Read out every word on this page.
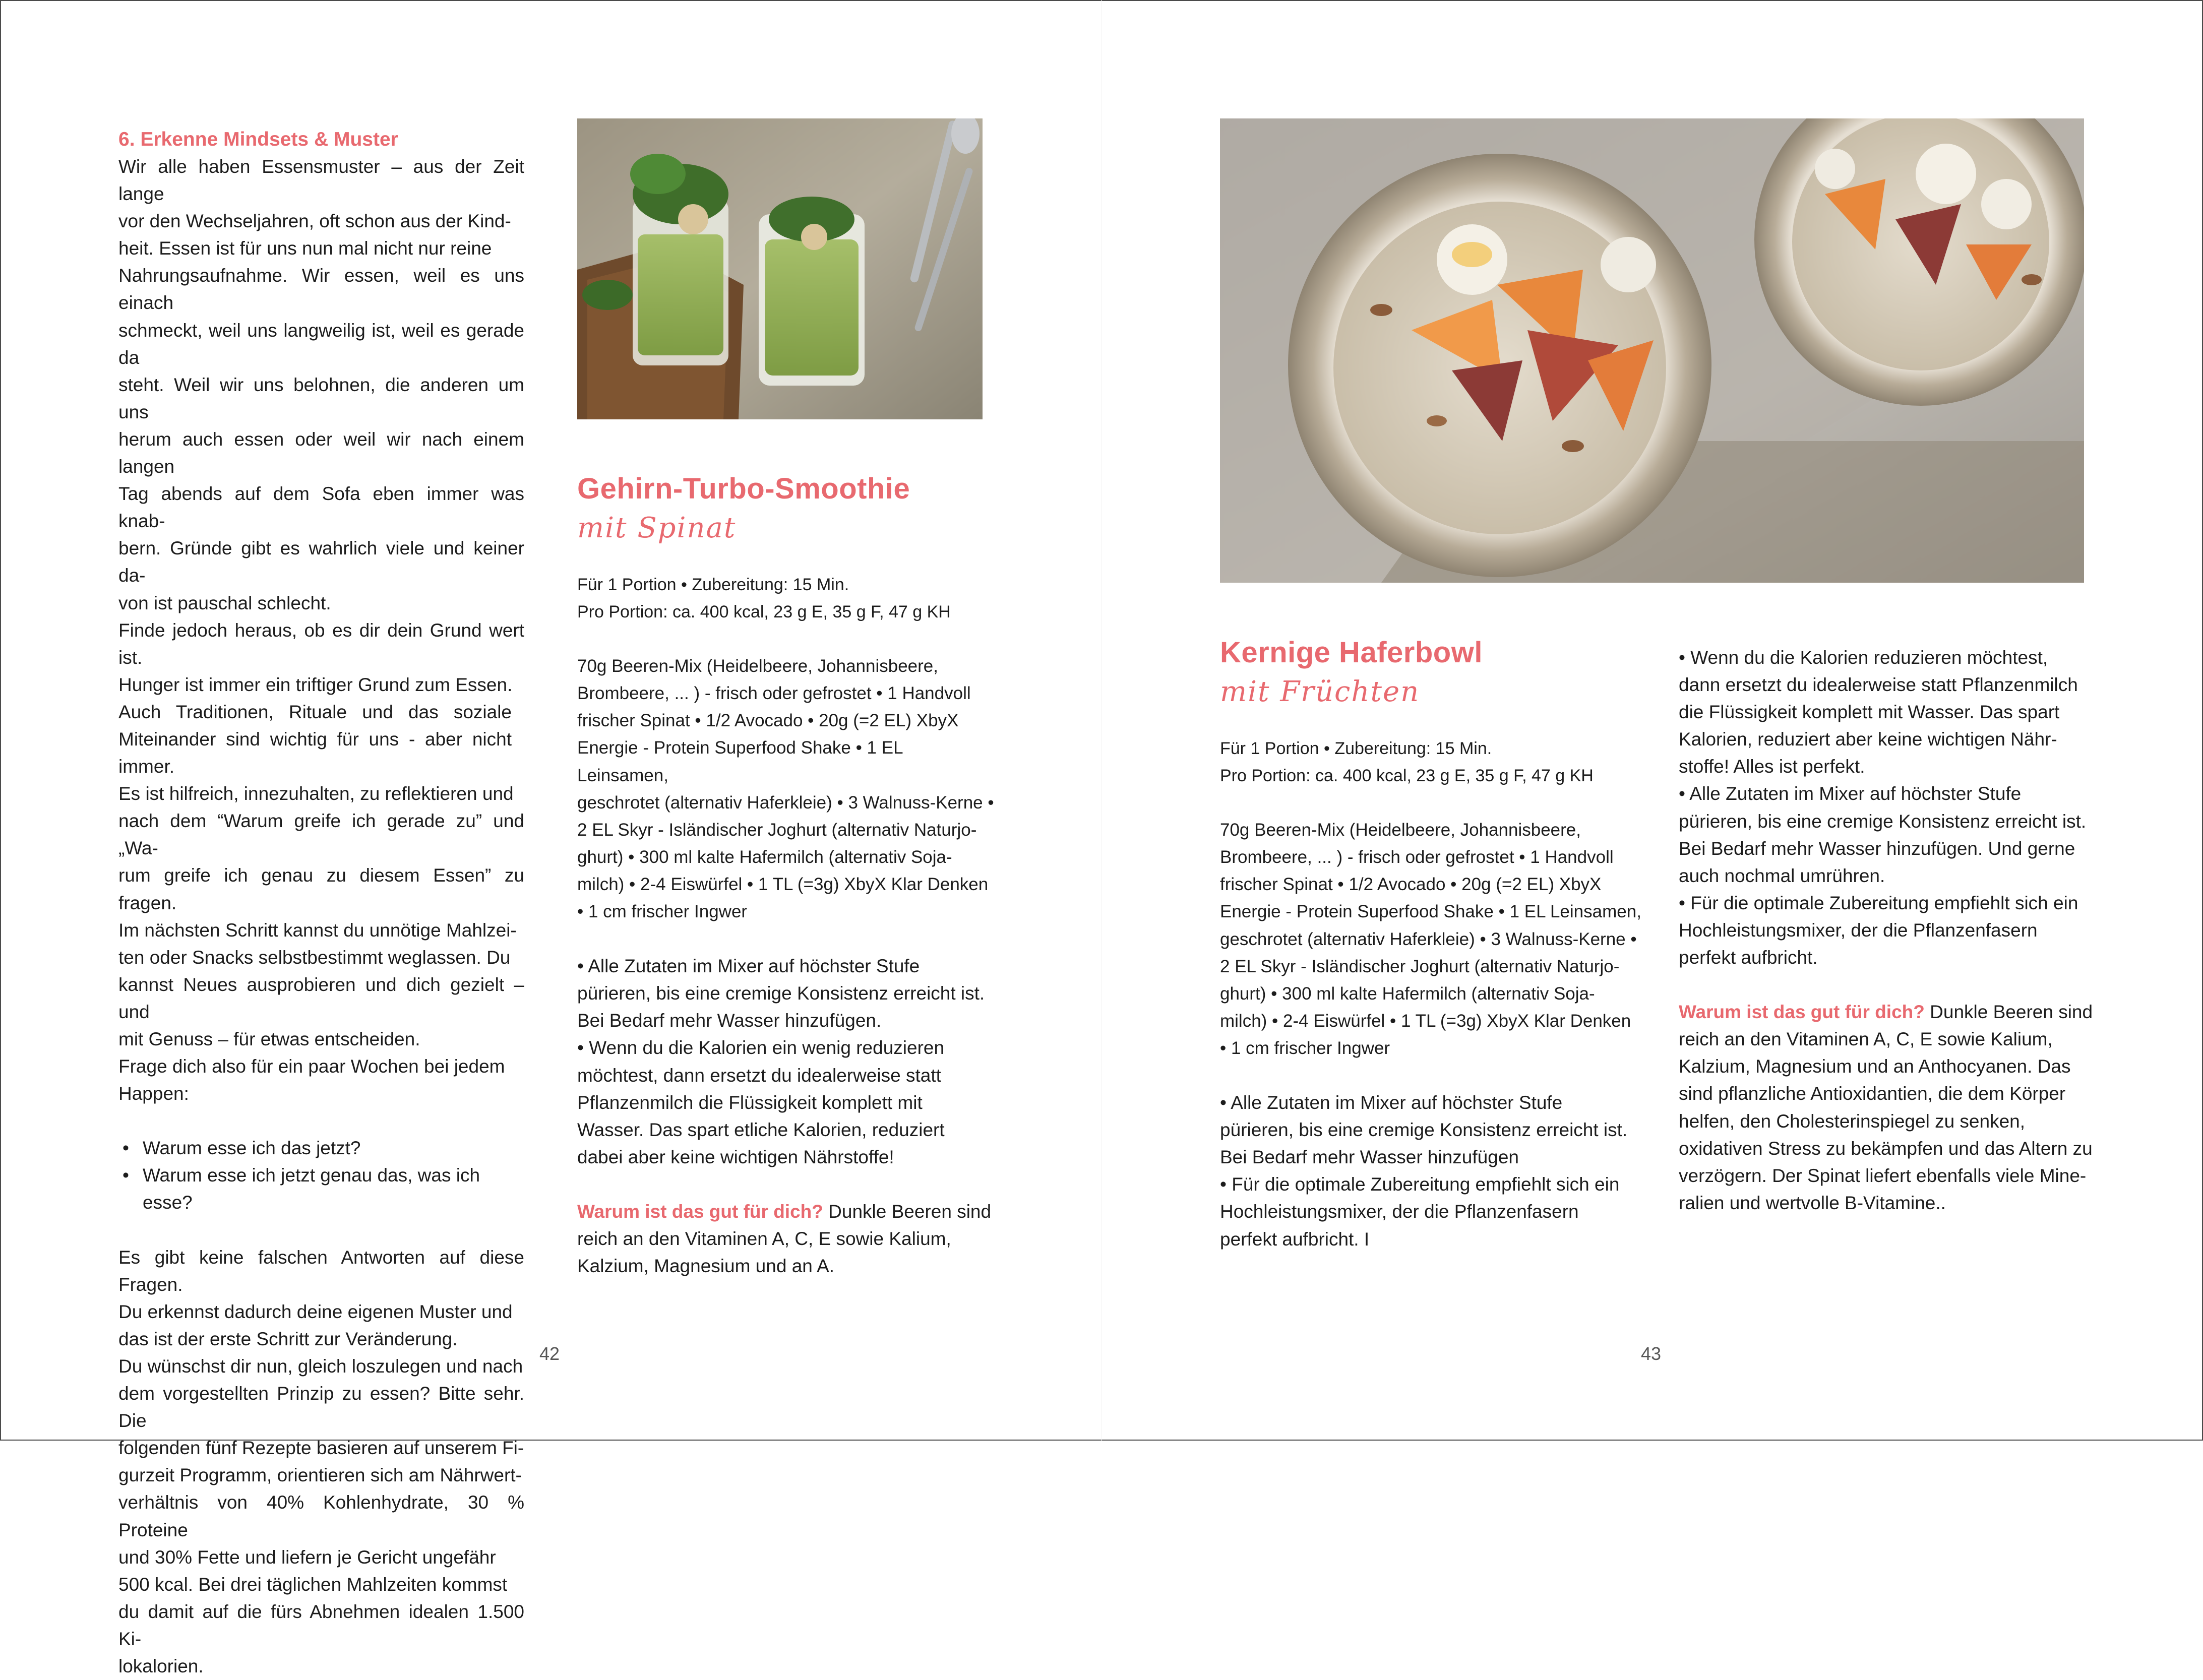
6. Erkenne Mindsets & Muster

Wir alle haben Essensmuster – aus der Zeit lange

vor den Wechseljahren, oft schon aus der Kind-

heit. Essen ist für uns nun mal nicht nur reine

Nahrungsaufnahme. Wir essen, weil es uns einach

schmeckt, weil uns langweilig ist, weil es gerade da

steht. Weil wir uns belohnen, die anderen um uns

herum auch essen oder weil wir nach einem langen

Tag abends auf dem Sofa eben immer was knab-

bern. Gründe gibt es wahrlich viele und keiner da-

von ist pauschal schlecht.

Finde jedoch heraus, ob es dir dein Grund wert ist.

Hunger ist immer ein triftiger Grund zum Essen.

Auch Traditionen, Rituale und das soziale Miteinander sind wichtig für uns - aber nicht immer.

Es ist hilfreich, innezuhalten, zu reflektieren und

nach dem “Warum greife ich gerade zu” und „Wa-

rum greife ich genau zu diesem Essen” zu fragen.

Im nächsten Schritt kannst du unnötige Mahlzei-

ten oder Snacks selbstbestimmt weglassen. Du

kannst Neues ausprobieren und dich gezielt – und

mit Genuss – für etwas entscheiden.

Frage dich also für ein paar Wochen bei jedem

Happen:

• Warum esse ich das jetzt?
• Warum esse ich jetzt genau das, was ich esse?

Es gibt keine falschen Antworten auf diese Fragen.

Du erkennst dadurch deine eigenen Muster und

das ist der erste Schritt zur Veränderung.

Du wünschst dir nun, gleich loszulegen und nach

dem vorgestellten Prinzip zu essen? Bitte sehr. Die

folgenden fünf Rezepte basieren auf unserem Fi-

gurzeit Programm, orientieren sich am Nährwert-

verhältnis von 40% Kohlenhydrate, 30 % Proteine

und 30% Fette und liefern je Gericht ungefähr

500 kcal. Bei drei täglichen Mahlzeiten kommst

du damit auf die fürs Abnehmen idealen 1.500 Ki-

lokalorien.

Gehirn-Turbo-Smoothie

mit Spinat

Für 1 Portion • Zubereitung: 15 Min.

Pro Portion: ca. 400 kcal, 23 g E, 35 g F, 47 g KH

70g Beeren-Mix (Heidelbeere, Johannisbeere,

Brombeere, ... ) - frisch oder gefrostet • 1 Handvoll

frischer Spinat • 1/2 Avocado • 20g (=2 EL) XbyX

Energie - Protein Superfood Shake • 1 EL Leinsamen,

geschrotet (alternativ Haferkleie) • 3 Walnuss-Kerne •

2 EL Skyr - Isländischer Joghurt (alternativ Naturjo-

ghurt) • 300 ml kalte Hafermilch (alternativ Soja-

milch) • 2-4 Eiswürfel • 1 TL (=3g) XbyX Klar Denken

• 1 cm frischer Ingwer

• Alle Zutaten im Mixer auf höchster Stufe

pürieren, bis eine cremige Konsistenz erreicht ist.

Bei Bedarf mehr Wasser hinzufügen.

• Wenn du die Kalorien ein wenig reduzieren

möchtest, dann ersetzt du idealerweise statt

Pflanzenmilch die Flüssigkeit komplett mit

Wasser. Das spart etliche Kalorien, reduziert

dabei aber keine wichtigen Nährstoffe!

Warum ist das gut für dich? Dunkle Beeren sind

reich an den Vitaminen A, C, E sowie Kalium,

Kalzium, Magnesium und an A.

42

Kernige Haferbowl

mit Früchten

Für 1 Portion • Zubereitung: 15 Min.

Pro Portion: ca. 400 kcal, 23 g E, 35 g F, 47 g KH

70g Beeren-Mix (Heidelbeere, Johannisbeere,

Brombeere, ... ) - frisch oder gefrostet • 1 Handvoll

frischer Spinat • 1/2 Avocado • 20g (=2 EL) XbyX

Energie - Protein Superfood Shake • 1 EL Leinsamen,

geschrotet (alternativ Haferkleie) • 3 Walnuss-Kerne •

2 EL Skyr - Isländischer Joghurt (alternativ Naturjo-

ghurt) • 300 ml kalte Hafermilch (alternativ Soja-

milch) • 2-4 Eiswürfel • 1 TL (=3g) XbyX Klar Denken

• 1 cm frischer Ingwer

• Alle Zutaten im Mixer auf höchster Stufe

pürieren, bis eine cremige Konsistenz erreicht ist.

Bei Bedarf mehr Wasser hinzufügen

• Für die optimale Zubereitung empfiehlt sich ein

Hochleistungsmixer, der die Pflanzenfasern

perfekt aufbricht. I

• Wenn du die Kalorien reduzieren möchtest,

dann ersetzt du idealerweise statt Pflanzenmilch

die Flüssigkeit komplett mit Wasser. Das spart

Kalorien, reduziert aber keine wichtigen Nähr-

stoffe! Alles ist perfekt.

• Alle Zutaten im Mixer auf höchster Stufe

pürieren, bis eine cremige Konsistenz erreicht ist.

Bei Bedarf mehr Wasser hinzufügen. Und gerne

auch nochmal umrühren.

• Für die optimale Zubereitung empfiehlt sich ein

Hochleistungsmixer, der die Pflanzenfasern

perfekt aufbricht.

Warum ist das gut für dich? Dunkle Beeren sind

reich an den Vitaminen A, C, E sowie Kalium,

Kalzium, Magnesium und an Anthocyanen. Das

sind pflanzliche Antioxidantien, die dem Körper

helfen, den Cholesterinspiegel zu senken,

oxidativen Stress zu bekämpfen und das Altern zu

verzögern. Der Spinat liefert ebenfalls viele Mine-

ralien und wertvolle B-Vitamine..

43
